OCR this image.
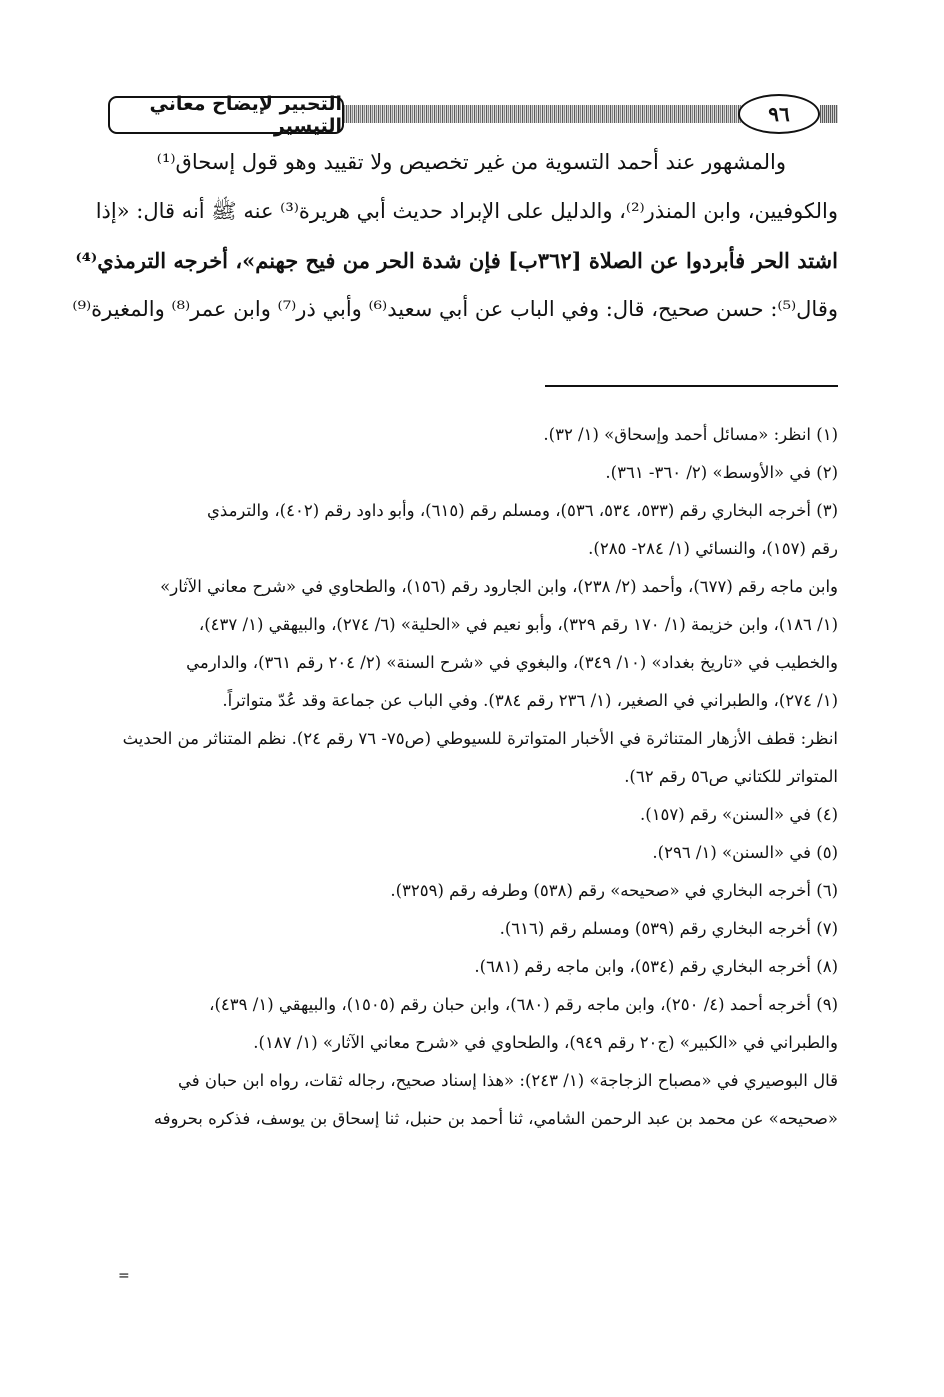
التحبير لإيضاح معاني التيسير	٩٦
والمشهور عند أحمد التسوية من غير تخصيص ولا تقييد وهو قول إسحاق⁽¹⁾
والكوفيين، وابن المنذر⁽²⁾، والدليل على الإبراد حديث أبي هريرة⁽³⁾ عنه ﷺ أنه قال: «إذا
اشتد الحر فأبردوا عن الصلاة [٣٦٢ب] فإن شدة الحر من فيح جهنم»، أخرجه الترمذي⁽⁴⁾
وقال⁽⁵⁾: حسن صحيح، قال: وفي الباب عن أبي سعيد⁽⁶⁾ وأبي ذر⁽⁷⁾ وابن عمر⁽⁸⁾ والمغيرة⁽⁹⁾
(١) انظر: «مسائل أحمد وإسحاق» (١/ ٣٢).
(٢) في «الأوسط» (٢/ ٣٦٠- ٣٦١).
(٣) أخرجه البخاري رقم (٥٣٣، ٥٣٤، ٥٣٦)، ومسلم رقم (٦١٥)، وأبو داود رقم (٤٠٢)، والترمذي
رقم (١٥٧)، والنسائي (١/ ٢٨٤- ٢٨٥).
وابن ماجه رقم (٦٧٧)، وأحمد (٢/ ٢٣٨)، وابن الجارود رقم (١٥٦)، والطحاوي في «شرح معاني الآثار»
(١/ ١٨٦)، وابن خزيمة (١/ ١٧٠ رقم ٣٢٩)، وأبو نعيم في «الحلية» (٦/ ٢٧٤)، والبيهقي (١/ ٤٣٧)،
والخطيب في «تاريخ بغداد» (١٠/ ٣٤٩)، والبغوي في «شرح السنة» (٢/ ٢٠٤ رقم ٣٦١)، والدارمي
(١/ ٢٧٤)، والطبراني في الصغير، (١/ ٢٣٦ رقم ٣٨٤). وفي الباب عن جماعة وقد عُدّ متواتراً.
انظر: قطف الأزهار المتناثرة في الأخبار المتواترة للسيوطي (ص٧٥- ٧٦ رقم ٢٤). نظم المتناثر من الحديث
المتواتر للكتاني ص٥٦ رقم ٦٢).
(٤) في «السنن» رقم (١٥٧).
(٥) في «السنن» (١/ ٢٩٦).
(٦) أخرجه البخاري في «صحيحه» رقم (٥٣٨) وطرفه رقم (٣٢٥٩).
(٧) أخرجه البخاري رقم (٥٣٩) ومسلم رقم (٦١٦).
(٨) أخرجه البخاري رقم (٥٣٤)، وابن ماجه رقم (٦٨١).
(٩) أخرجه أحمد (٤/ ٢٥٠)، وابن ماجه رقم (٦٨٠)، وابن حبان رقم (١٥٠٥)، والبيهقي (١/ ٤٣٩)،
والطبراني في «الكبير» (ج٢٠ رقم ٩٤٩)، والطحاوي في «شرح معاني الآثار» (١/ ١٨٧).
قال البوصيري في «مصباح الزجاجة» (١/ ٢٤٣): «هذا إسناد صحيح، رجاله ثقات، رواه ابن حبان في
«صحيحه» عن محمد بن عبد الرحمن الشامي، ثنا أحمد بن حنبل، ثنا إسحاق بن يوسف، فذكره بحروفه
=
